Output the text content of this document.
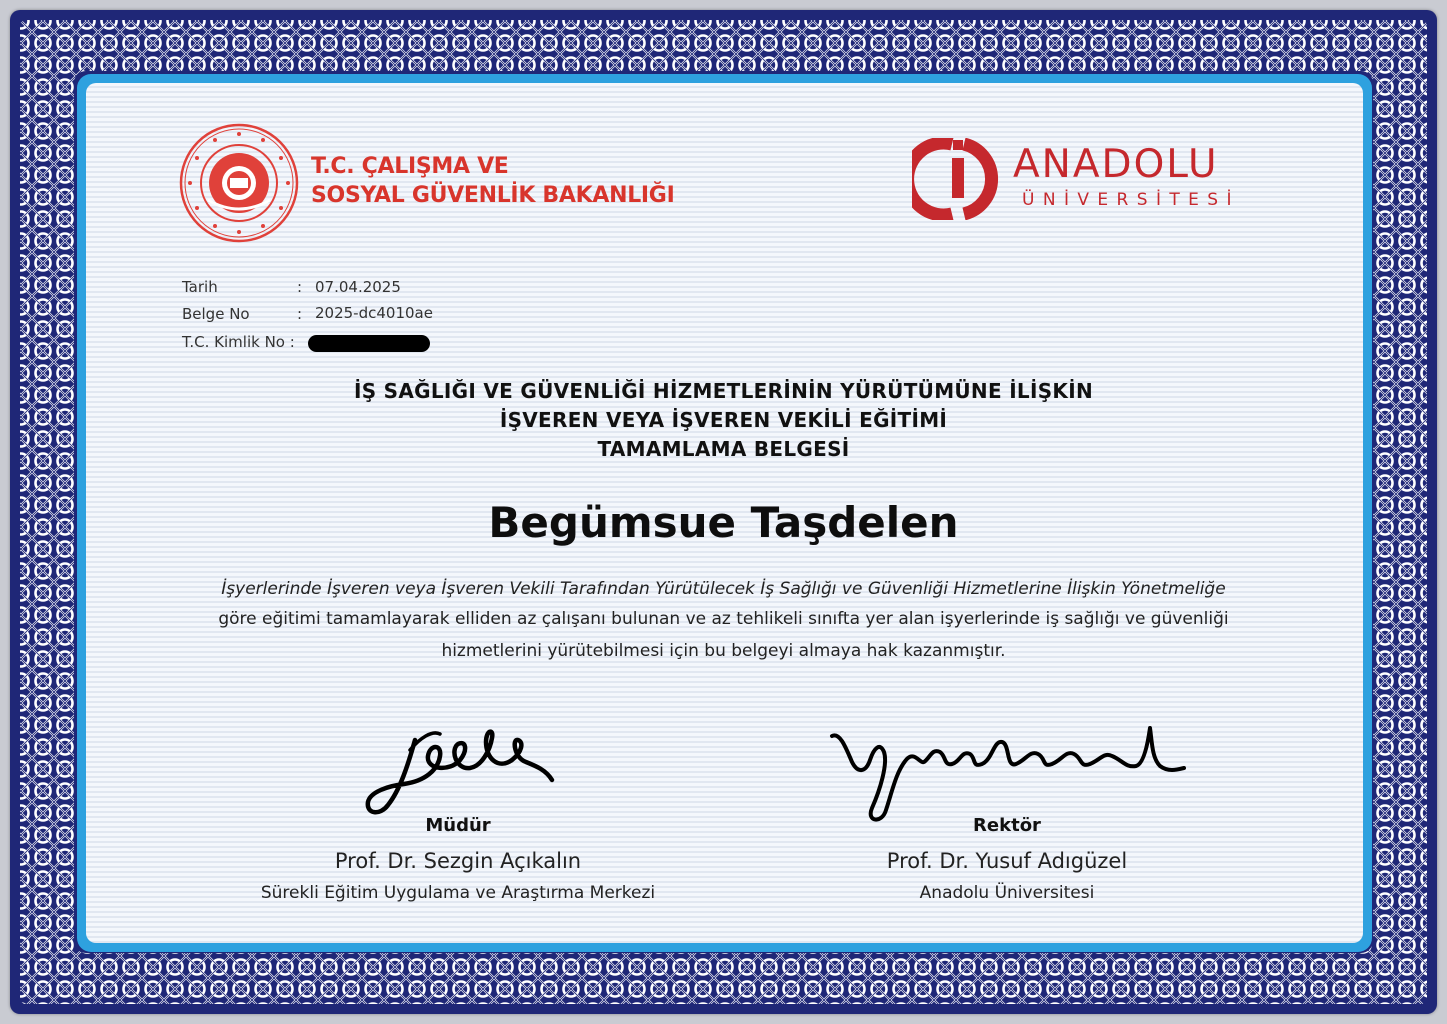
T.C. ÇALIŞMA VE
SOSYAL GÜVENLİK BAKANLIĞI
ANADOLU
ÜNİVERSİTESİ
Tarih	: 07.04.2025
Belge No	: 2025-dc4010ae
T.C. Kimlik No :
İŞ SAĞLIĞI VE GÜVENLİĞİ HİZMETLERİNİN YÜRÜTÜMÜNE İLİŞKİN
İŞVEREN VEYA İŞVEREN VEKİLİ EĞİTİMİ
TAMAMLAMA BELGESİ
Begümsue Taşdelen
İşyerlerinde İşveren veya İşveren Vekili Tarafından Yürütülecek İş Sağlığı ve Güvenliği Hizmetlerine İlişkin Yönetmeliğe
göre eğitimi tamamlayarak elliden az çalışanı bulunan ve az tehlikeli sınıfta yer alan işyerlerinde iş sağlığı ve güvenliği
hizmetlerini yürütebilmesi için bu belgeyi almaya hak kazanmıştır.
Müdür
Prof. Dr. Sezgin Açıkalın
Sürekli Eğitim Uygulama ve Araştırma Merkezi
Rektör
Prof. Dr. Yusuf Adıgüzel
Anadolu Üniversitesi
